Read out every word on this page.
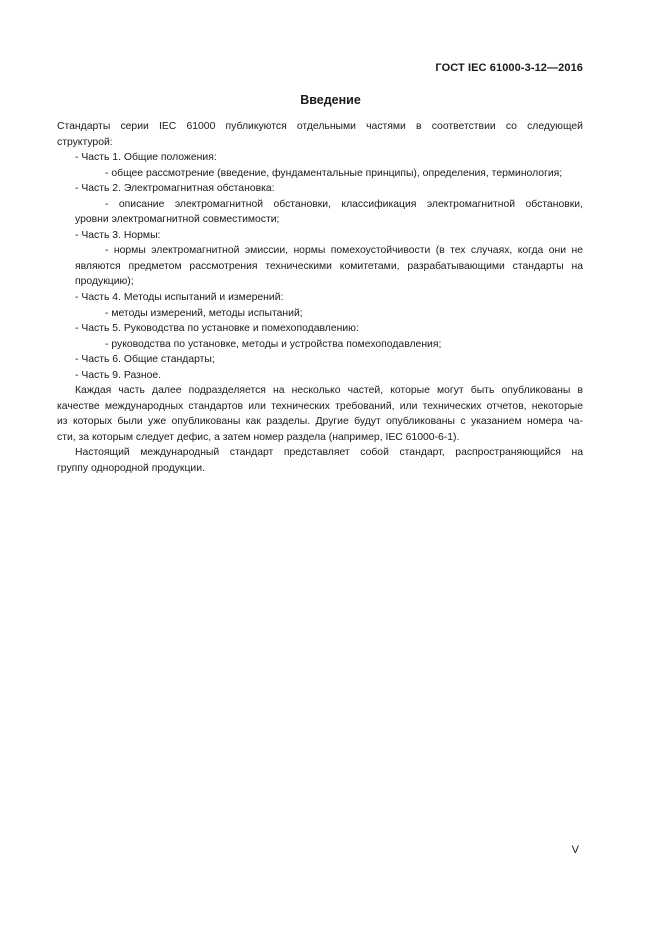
ГОСТ IEC 61000-3-12—2016
Введение
Стандарты серии IEC 61000 публикуются отдельными частями в соответствии со следующей
структурой:
- Часть 1. Общие положения:
- общее рассмотрение (введение, фундаментальные принципы), определения, терминология;
- Часть 2. Электромагнитная обстановка:
- описание электромагнитной обстановки, классификация электромагнитной обстановки,
уровни электромагнитной совместимости;
- Часть 3. Нормы:
- нормы электромагнитной эмиссии, нормы помехоустойчивости (в тех случаях, когда они не
являются предметом рассмотрения техническими комитетами, разрабатывающими стандарты на
продукцию);
- Часть 4. Методы испытаний и измерений:
- методы измерений, методы испытаний;
- Часть 5. Руководства по установке и помехоподавлению:
- руководства по установке, методы и устройства помехоподавления;
- Часть 6. Общие стандарты;
- Часть 9. Разное.
Каждая часть далее подразделяется на несколько частей, которые могут быть опубликованы в
качестве международных стандартов или технических требований, или технических отчетов, некоторые
из которых были уже опубликованы как разделы. Другие будут опубликованы с указанием номера ча-
сти, за которым следует дефис, а затем номер раздела (например, IEC 61000-6-1).
Настоящий международный стандарт представляет собой стандарт, распространяющийся на
группу однородной продукции.
V
